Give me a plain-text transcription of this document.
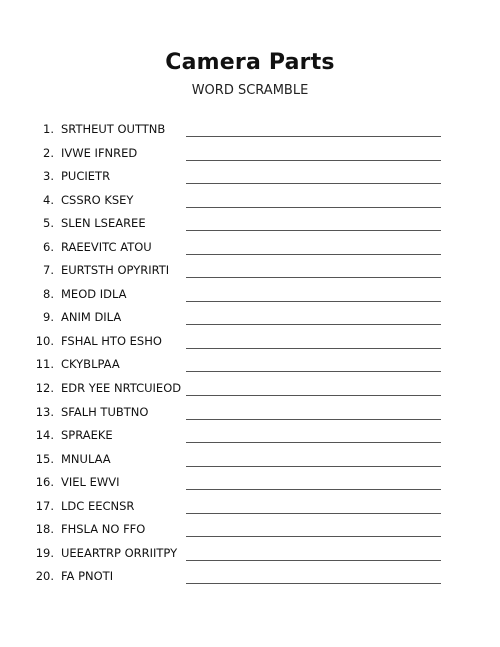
Camera Parts
WORD SCRAMBLE
1. SRTHEUT OUTTNB
2. IVWE IFNRED
3. PUCIETR
4. CSSRO KSEY
5. SLEN LSEAREE
6. RAEEVITC ATOU
7. EURTSTH OPYRIRTI
8. MEOD IDLA
9. ANIM DILA
10. FSHAL HTO ESHO
11. CKYBLPAA
12. EDR YEE NRTCUIEOD
13. SFALH TUBTNO
14. SPRAEKE
15. MNULAA
16. VIEL EWVI
17. LDC EECNSR
18. FHSLA NO FFO
19. UEEARTRP ORRIITPY
20. FA PNOTI
